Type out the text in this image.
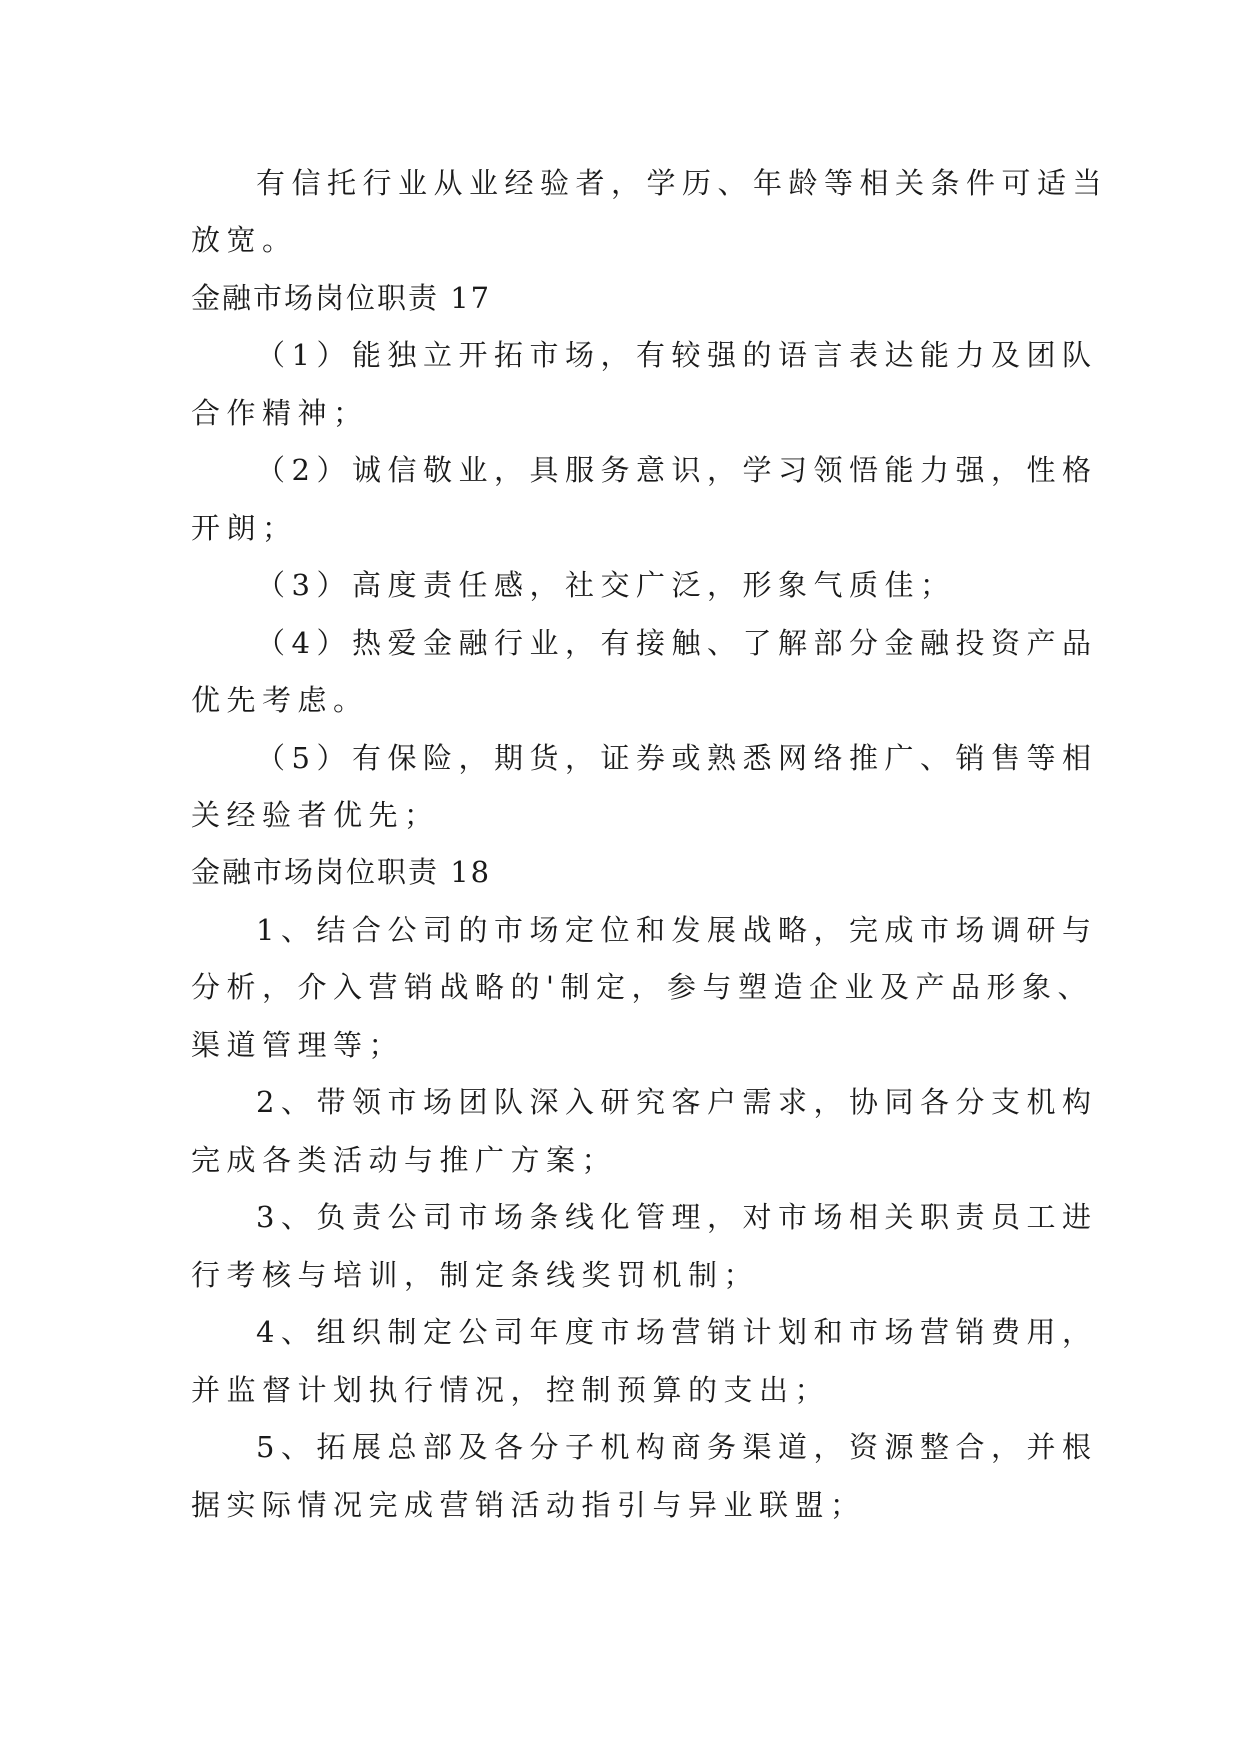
有信托行业从业经验者，学历、年龄等相关条件可适当
放宽。
金融市场岗位职责 17
（1）能独立开拓市场，有较强的语言表达能力及团队
合作精神；
（2）诚信敬业，具服务意识，学习领悟能力强，性格
开朗；
（3）高度责任感，社交广泛，形象气质佳；
（4）热爱金融行业，有接触、了解部分金融投资产品
优先考虑。
（5）有保险，期货，证券或熟悉网络推广、销售等相
关经验者优先；
金融市场岗位职责 18
1、结合公司的市场定位和发展战略，完成市场调研与
分析，介入营销战略的'制定，参与塑造企业及产品形象、
渠道管理等；
2、带领市场团队深入研究客户需求，协同各分支机构
完成各类活动与推广方案；
3、负责公司市场条线化管理，对市场相关职责员工进
行考核与培训，制定条线奖罚机制；
4、组织制定公司年度市场营销计划和市场营销费用，
并监督计划执行情况，控制预算的支出；
5、拓展总部及各分子机构商务渠道，资源整合，并根
据实际情况完成营销活动指引与异业联盟；
